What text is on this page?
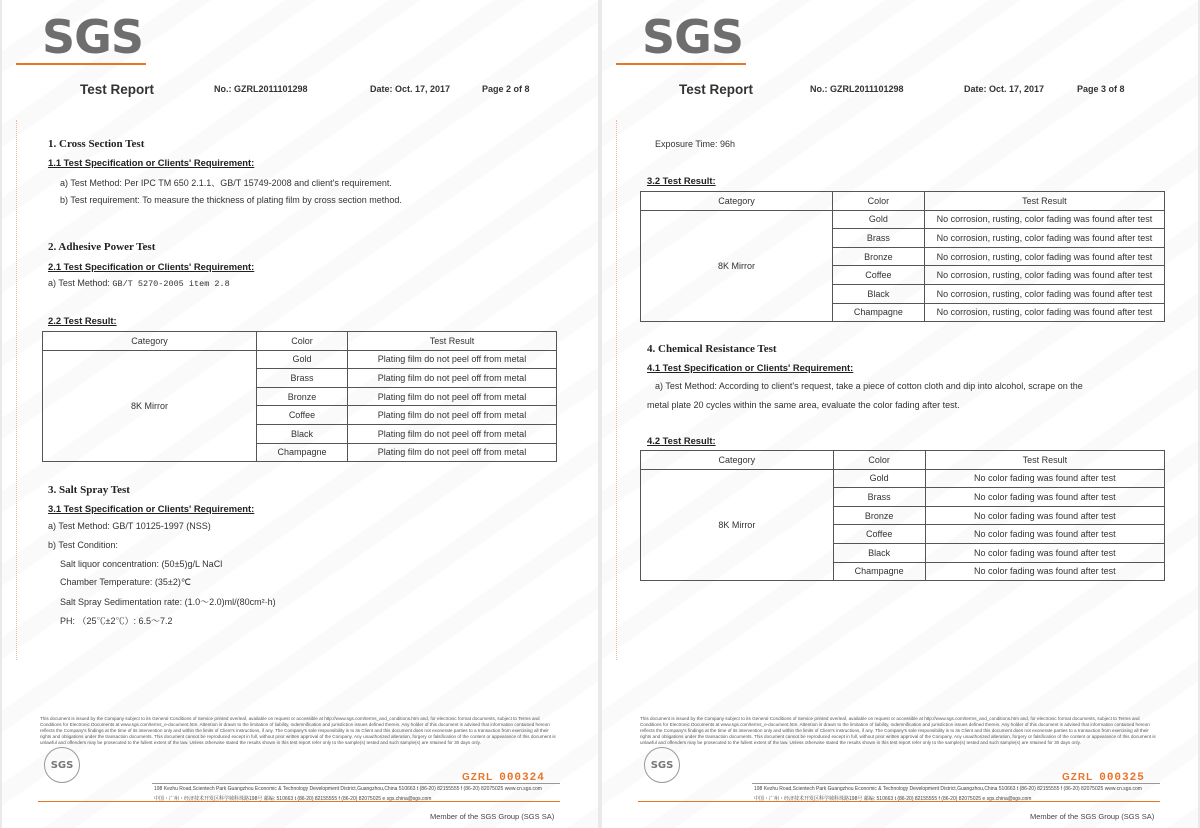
SGS
Test Report	No.: GZRL2011101298	Date: Oct. 17, 2017	Page 2 of 8
1. Cross Section Test
1.1 Test Specification or Clients' Requirement:
a) Test Method: Per IPC TM 650 2.1.1、GB/T 15749-2008 and client's requirement.
b) Test requirement: To measure the thickness of plating film by cross section method.
2. Adhesive Power Test
2.1 Test Specification or Clients' Requirement:
a) Test Method: GB/T 5270-2005 item 2.8
2.2 Test Result:
Category	Color	Test Result
8K Mirror	Gold	Plating film do not peel off from metal
	Brass	Plating film do not peel off from metal
	Bronze	Plating film do not peel off from metal
	Coffee	Plating film do not peel off from metal
	Black	Plating film do not peel off from metal
	Champagne	Plating film do not peel off from metal
3. Salt Spray Test
3.1 Test Specification or Clients' Requirement:
a) Test Method: GB/T 10125-1997 (NSS)
b) Test Condition:
Salt liquor concentration: (50±5)g/L NaCl
Chamber Temperature: (35±2)℃
Salt Spray Sedimentation rate: (1.0～2.0)ml/(80cm²·h)
PH: （25℃±2℃）: 6.5～7.2
This document is issued by the Company subject to its General Conditions of Service printed overleaf, available on request or accessible at http://www.sgs.com/terms_and_conditions.htm and, for electronic format documents, subject to Terms and Conditions for Electronic Documents at www.sgs.com/terms_e-document.htm. Attention is drawn to the limitation of liability, indemnification and jurisdiction issues defined therein. Any holder of this document is advised that information contained hereon reflects the Company's findings at the time of its intervention only and within the limits of Client's instructions, if any. The Company's sole responsibility is to its Client and this document does not exonerate parties to a transaction from exercising all their rights and obligations under the transaction documents. This document cannot be reproduced except in full, without prior written approval of the Company. Any unauthorized alteration, forgery or falsification of the content or appearance of this document is unlawful and offenders may be prosecuted to the fullest extent of the law. Unless otherwise stated the results shown in this test report refer only to the sample(s) tested and such sample(s) are retained for 30 days only.
SGS
GZRL 000324
198 Kezhu Road,Scientech Park Guangzhou Economic & Technology Development District,Guangzhou,China 510663 t (86-20) 82155555 f (86-20) 82075025 www.cn.sgs.com
中国・广州・经济技术开发区科学城科珠路198号 邮编: 510663 t (86-20) 82155555 f (86-20) 82075025 e sgs.china@sgs.com
Member of the SGS Group (SGS SA)
SGS
Test Report	No.: GZRL2011101298	Date: Oct. 17, 2017	Page 3 of 8
Exposure Time: 96h
3.2 Test Result:
Category	Color	Test Result
8K Mirror	Gold	No corrosion, rusting, color fading was found after test
	Brass	No corrosion, rusting, color fading was found after test
	Bronze	No corrosion, rusting, color fading was found after test
	Coffee	No corrosion, rusting, color fading was found after test
	Black	No corrosion, rusting, color fading was found after test
	Champagne	No corrosion, rusting, color fading was found after test
4. Chemical Resistance Test
4.1 Test Specification or Clients' Requirement:
a) Test Method: According to client's request, take a piece of cotton cloth and dip into alcohol, scrape on the
metal plate 20 cycles within the same area, evaluate the color fading after test.
4.2 Test Result:
Category	Color	Test Result
8K Mirror	Gold	No color fading was found after test
	Brass	No color fading was found after test
	Bronze	No color fading was found after test
	Coffee	No color fading was found after test
	Black	No color fading was found after test
	Champagne	No color fading was found after test
This document is issued by the Company subject to its General Conditions of Service printed overleaf, available on request or accessible at http://www.sgs.com/terms_and_conditions.htm and, for electronic format documents, subject to Terms and Conditions for Electronic Documents at www.sgs.com/terms_e-document.htm. Attention is drawn to the limitation of liability, indemnification and jurisdiction issues defined therein. Any holder of this document is advised that information contained hereon reflects the Company's findings at the time of its intervention only and within the limits of Client's instructions, if any. The Company's sole responsibility is to its Client and this document does not exonerate parties to a transaction from exercising all their rights and obligations under the transaction documents. This document cannot be reproduced except in full, without prior written approval of the Company. Any unauthorized alteration, forgery or falsification of the content or appearance of this document is unlawful and offenders may be prosecuted to the fullest extent of the law. Unless otherwise stated the results shown in this test report refer only to the sample(s) tested and such sample(s) are retained for 30 days only.
SGS
GZRL 000325
198 Kezhu Road,Scientech Park Guangzhou Economic & Technology Development District,Guangzhou,China 510663 t (86-20) 82155555 f (86-20) 82075025 www.cn.sgs.com
中国・广州・经济技术开发区科学城科珠路198号 邮编: 510663 t (86-20) 82155555 f (86-20) 82075025 e sgs.china@sgs.com
Member of the SGS Group (SGS SA)
